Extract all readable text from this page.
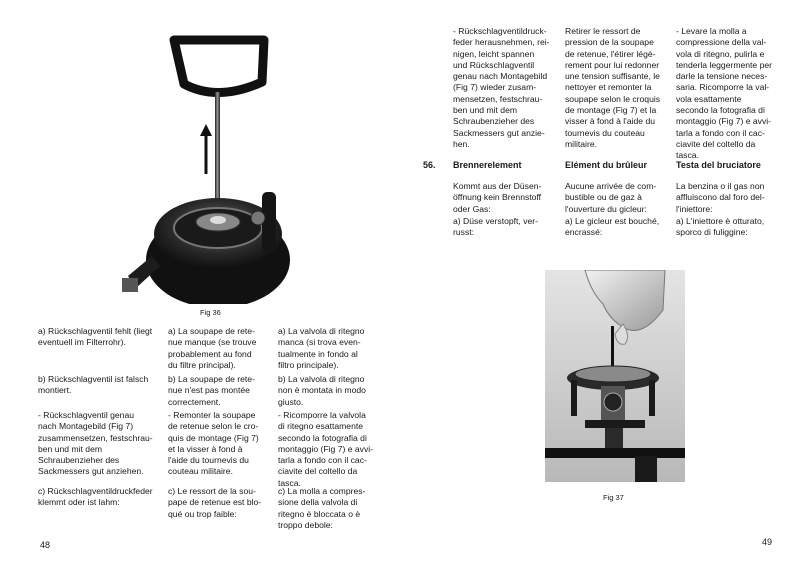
Fig 36
a) Rückschlagventil fehlt (liegt
eventuell im Filterrohr).
a) La soupape de rete-
nue manque (se trouve
probablement au fond
du filtre principal).
a) La valvola di ritegno
manca (si trova even-
tualmente in fondo al
filtro principale).
b) Rückschlagventil ist falsch
montiert.
b) La soupape de rete-
nue n'est pas montée
correctement.
b) La valvola di ritegno
non è montata in modo
giusto.
- Rückschlagventil genau
nach Montagebild (Fig 7)
zusammensetzen, festschrau-
ben und mit dem
Schraubenzieher des
Sackmessers gut anziehen.
- Remonter la soupape
de retenue selon le cro-
quis de montage (Fig 7)
et la visser à fond à
l'aide du tournevis du
couteau militaire.
- Ricomporre la valvola
di ritegno esattamente
secondo la fotografia di
montaggio (Fig 7) e avvi-
tarla a fondo con il cac-
ciavite del coltello da
tasca.
c) Rückschlagventildruckfeder
klemmt oder ist lahm:
c) Le ressort de la sou-
pape de retenue est blo-
qué ou trop faible:
c) La molla a compres-
sione della valvola di
ritegno è bloccata o è
troppo debole:
48
- Rückschlagventildruck-
feder herausnehmen, rei-
nigen, leicht spannen
und Rückschlagventil
genau nach Montagebild
(Fig 7) wieder zusam-
mensetzen, festschrau-
ben und mit dem
Schraubenzieher des
Sackmessers gut anzie-
hen.
Retirer le ressort de
pression de la soupape
de retenue, l'étirer légè-
rement pour lui redonner
une tension suffisante, le
nettoyer et remonter la
soupape selon le croquis
de montage (Fig 7) et la
visser à fond à l'aide du
tournevis du couteau
militaire.
- Levare la molla a
compressione della val-
vola di ritegno, pulirla e
tenderla leggermente per
darle la tensione neces-
saria. Ricomporre la val-
vola esattamente
secondo la fotografia di
montaggio (Fig 7) e avvi-
tarla a fondo con il cac-
ciavite del coltello da
tasca.
56. Brennerelement	Elément du brûleur	Testa del bruciatore
Kommt aus der Düsen-
öffnung kein Brennstoff
oder Gas:
Aucune arrivée de com-
bustible ou de gaz à
l'ouverture du gicleur:
La benzina o il gas non
affluiscono dal foro del-
l'iniettore:
a) Düse verstopft, ver-
russt:
a) Le gicleur est bouché,
encrassé:
a) L'iniettore è otturato,
sporco di fuliggine:
Fig 37
49
